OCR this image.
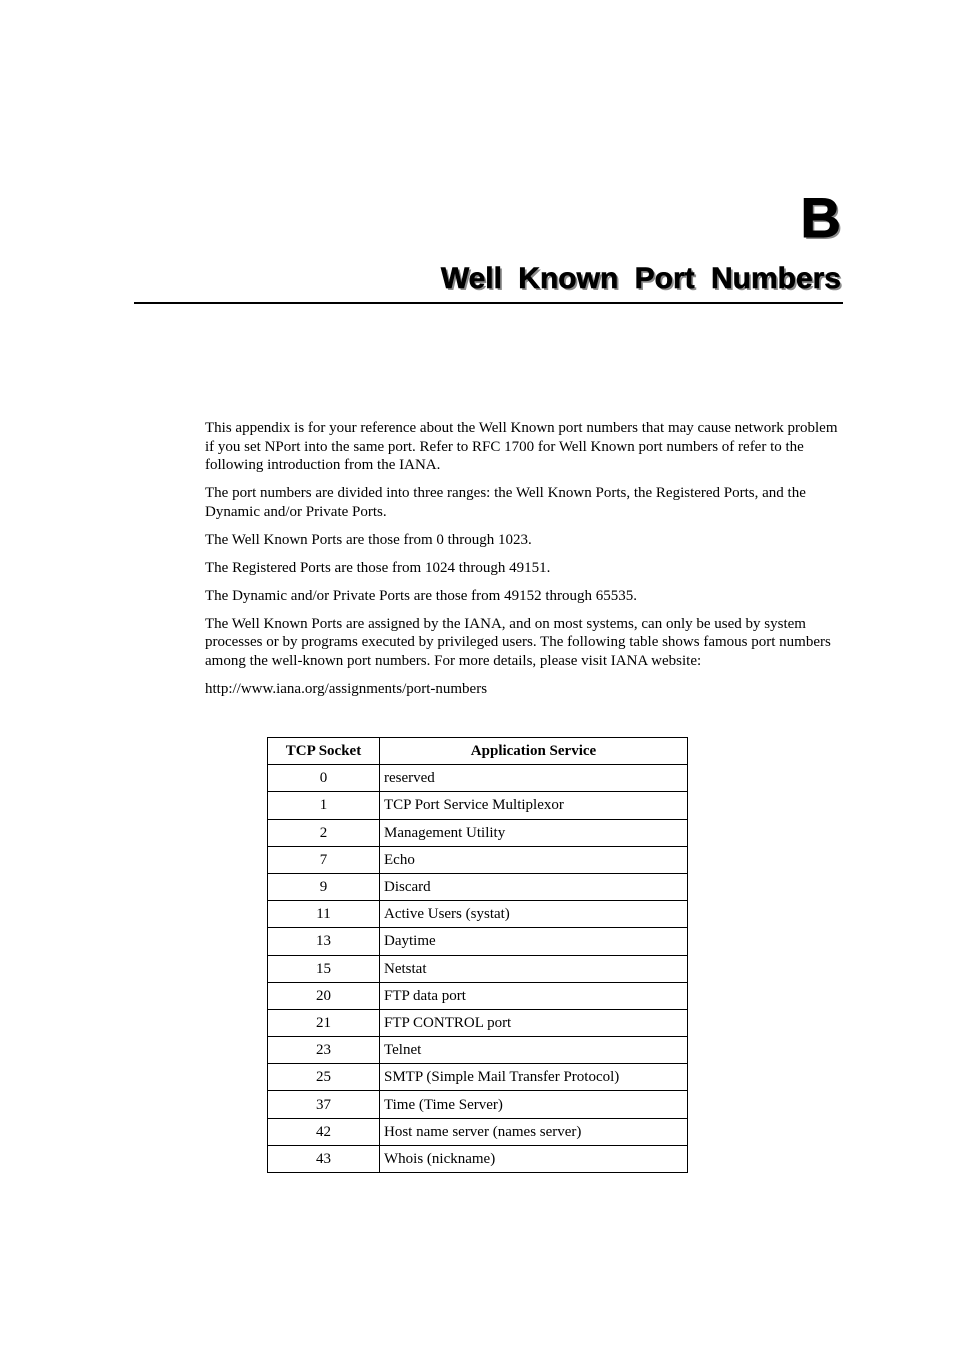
B
Well Known Port Numbers

This appendix is for your reference about the Well Known port numbers that may cause network problem if you set NPort into the same port. Refer to RFC 1700 for Well Known port numbers of refer to the following introduction from the IANA.

The port numbers are divided into three ranges: the Well Known Ports, the Registered Ports, and the Dynamic and/or Private Ports.

The Well Known Ports are those from 0 through 1023.

The Registered Ports are those from 1024 through 49151.

The Dynamic and/or Private Ports are those from 49152 through 65535.

The Well Known Ports are assigned by the IANA, and on most systems, can only be used by system processes or by programs executed by privileged users. The following table shows famous port numbers among the well-known port numbers. For more details, please visit IANA website:

http://www.iana.org/assignments/port-numbers

TCP Socket	Application Service
0	reserved
1	TCP Port Service Multiplexor
2	Management Utility
7	Echo
9	Discard
11	Active Users (systat)
13	Daytime
15	Netstat
20	FTP data port
21	FTP CONTROL port
23	Telnet
25	SMTP (Simple Mail Transfer Protocol)
37	Time (Time Server)
42	Host name server (names server)
43	Whois (nickname)
